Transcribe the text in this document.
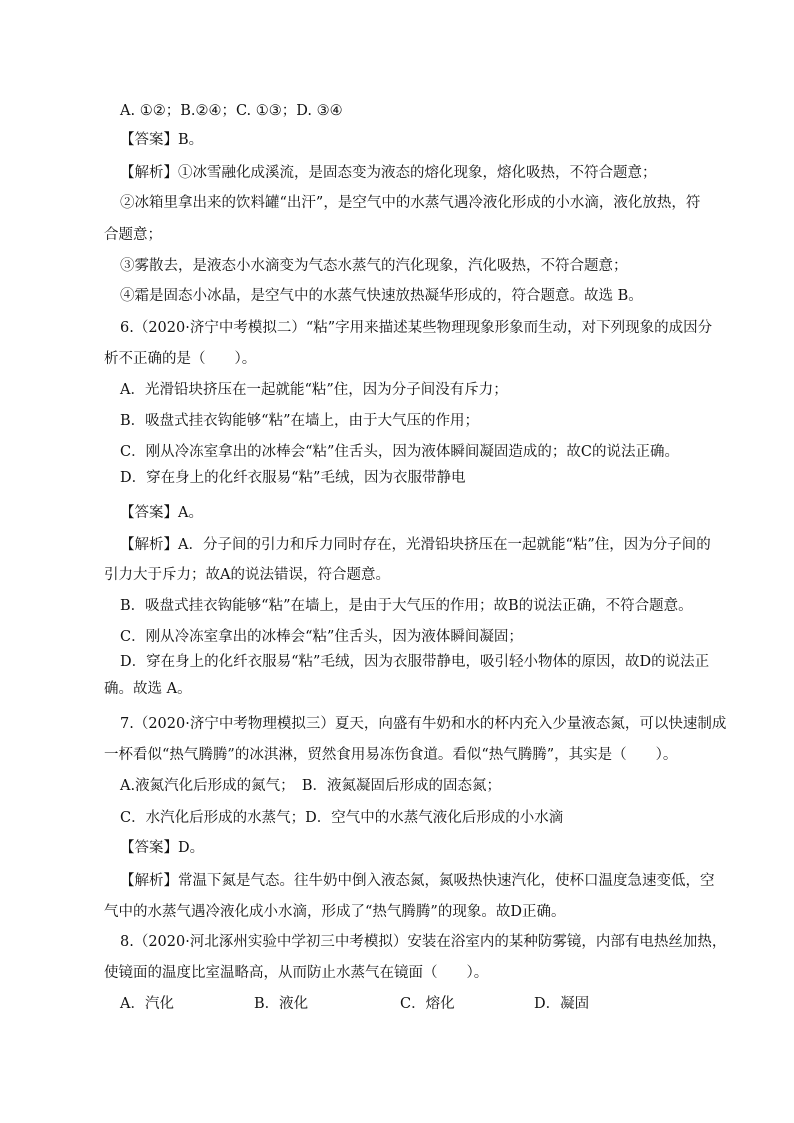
A. ①②；B.②④；C. ①③；D. ③④
【答案】B。
【解析】①冰雪融化成溪流，是固态变为液态的熔化现象，熔化吸热，不符合题意；
②冰箱里拿出来的饮料罐“出汗”，是空气中的水蒸气遇冷液化形成的小水滴，液化放热，符
合题意；
③雾散去，是液态小水滴变为气态水蒸气的汽化现象，汽化吸热，不符合题意；
④霜是固态小冰晶，是空气中的水蒸气快速放热凝华形成的，符合题意。故选 B。
6.（2020·济宁中考模拟二）“粘”字用来描述某些物理现象形象而生动，对下列现象的成因分
析不正确的是（　　）。
A．光滑铅块挤压在一起就能“粘”住，因为分子间没有斥力；
B．吸盘式挂衣钩能够“粘”在墙上，由于大气压的作用；
C．刚从冷冻室拿出的冰棒会“粘”住舌头，因为液体瞬间凝固造成的；故C的说法正确。
D．穿在身上的化纤衣服易“粘”毛绒，因为衣服带静电
【答案】A。
【解析】A．分子间的引力和斥力同时存在，光滑铅块挤压在一起就能“粘”住，因为分子间的
引力大于斥力；故A的说法错误，符合题意。
B．吸盘式挂衣钩能够“粘”在墙上，是由于大气压的作用；故B的说法正确，不符合题意。
C．刚从冷冻室拿出的冰棒会“粘”住舌头，因为液体瞬间凝固；
D．穿在身上的化纤衣服易“粘”毛绒，因为衣服带静电，吸引轻小物体的原因，故D的说法正
确。故选 A。
7.（2020·济宁中考物理模拟三）夏天，向盛有牛奶和水的杯内充入少量液态氮，可以快速制成
一杯看似“热气腾腾”的冰淇淋，贸然食用易冻伤食道。看似“热气腾腾”，其实是（　　）。
A.液氮汽化后形成的氮气；　B．液氮凝固后形成的固态氮；
C．水汽化后形成的水蒸气；D．空气中的水蒸气液化后形成的小水滴
【答案】D。
【解析】常温下氮是气态。往牛奶中倒入液态氮，氮吸热快速汽化，使杯口温度急速变低，空
气中的水蒸气遇冷液化成小水滴，形成了“热气腾腾”的现象。故D正确。
8.（2020·河北涿州实验中学初三中考模拟）安装在浴室内的某种防雾镜，内部有电热丝加热，
使镜面的温度比室温略高，从而防止水蒸气在镜面（　　）。
A．汽化	B．液化	C．熔化	D．凝固
